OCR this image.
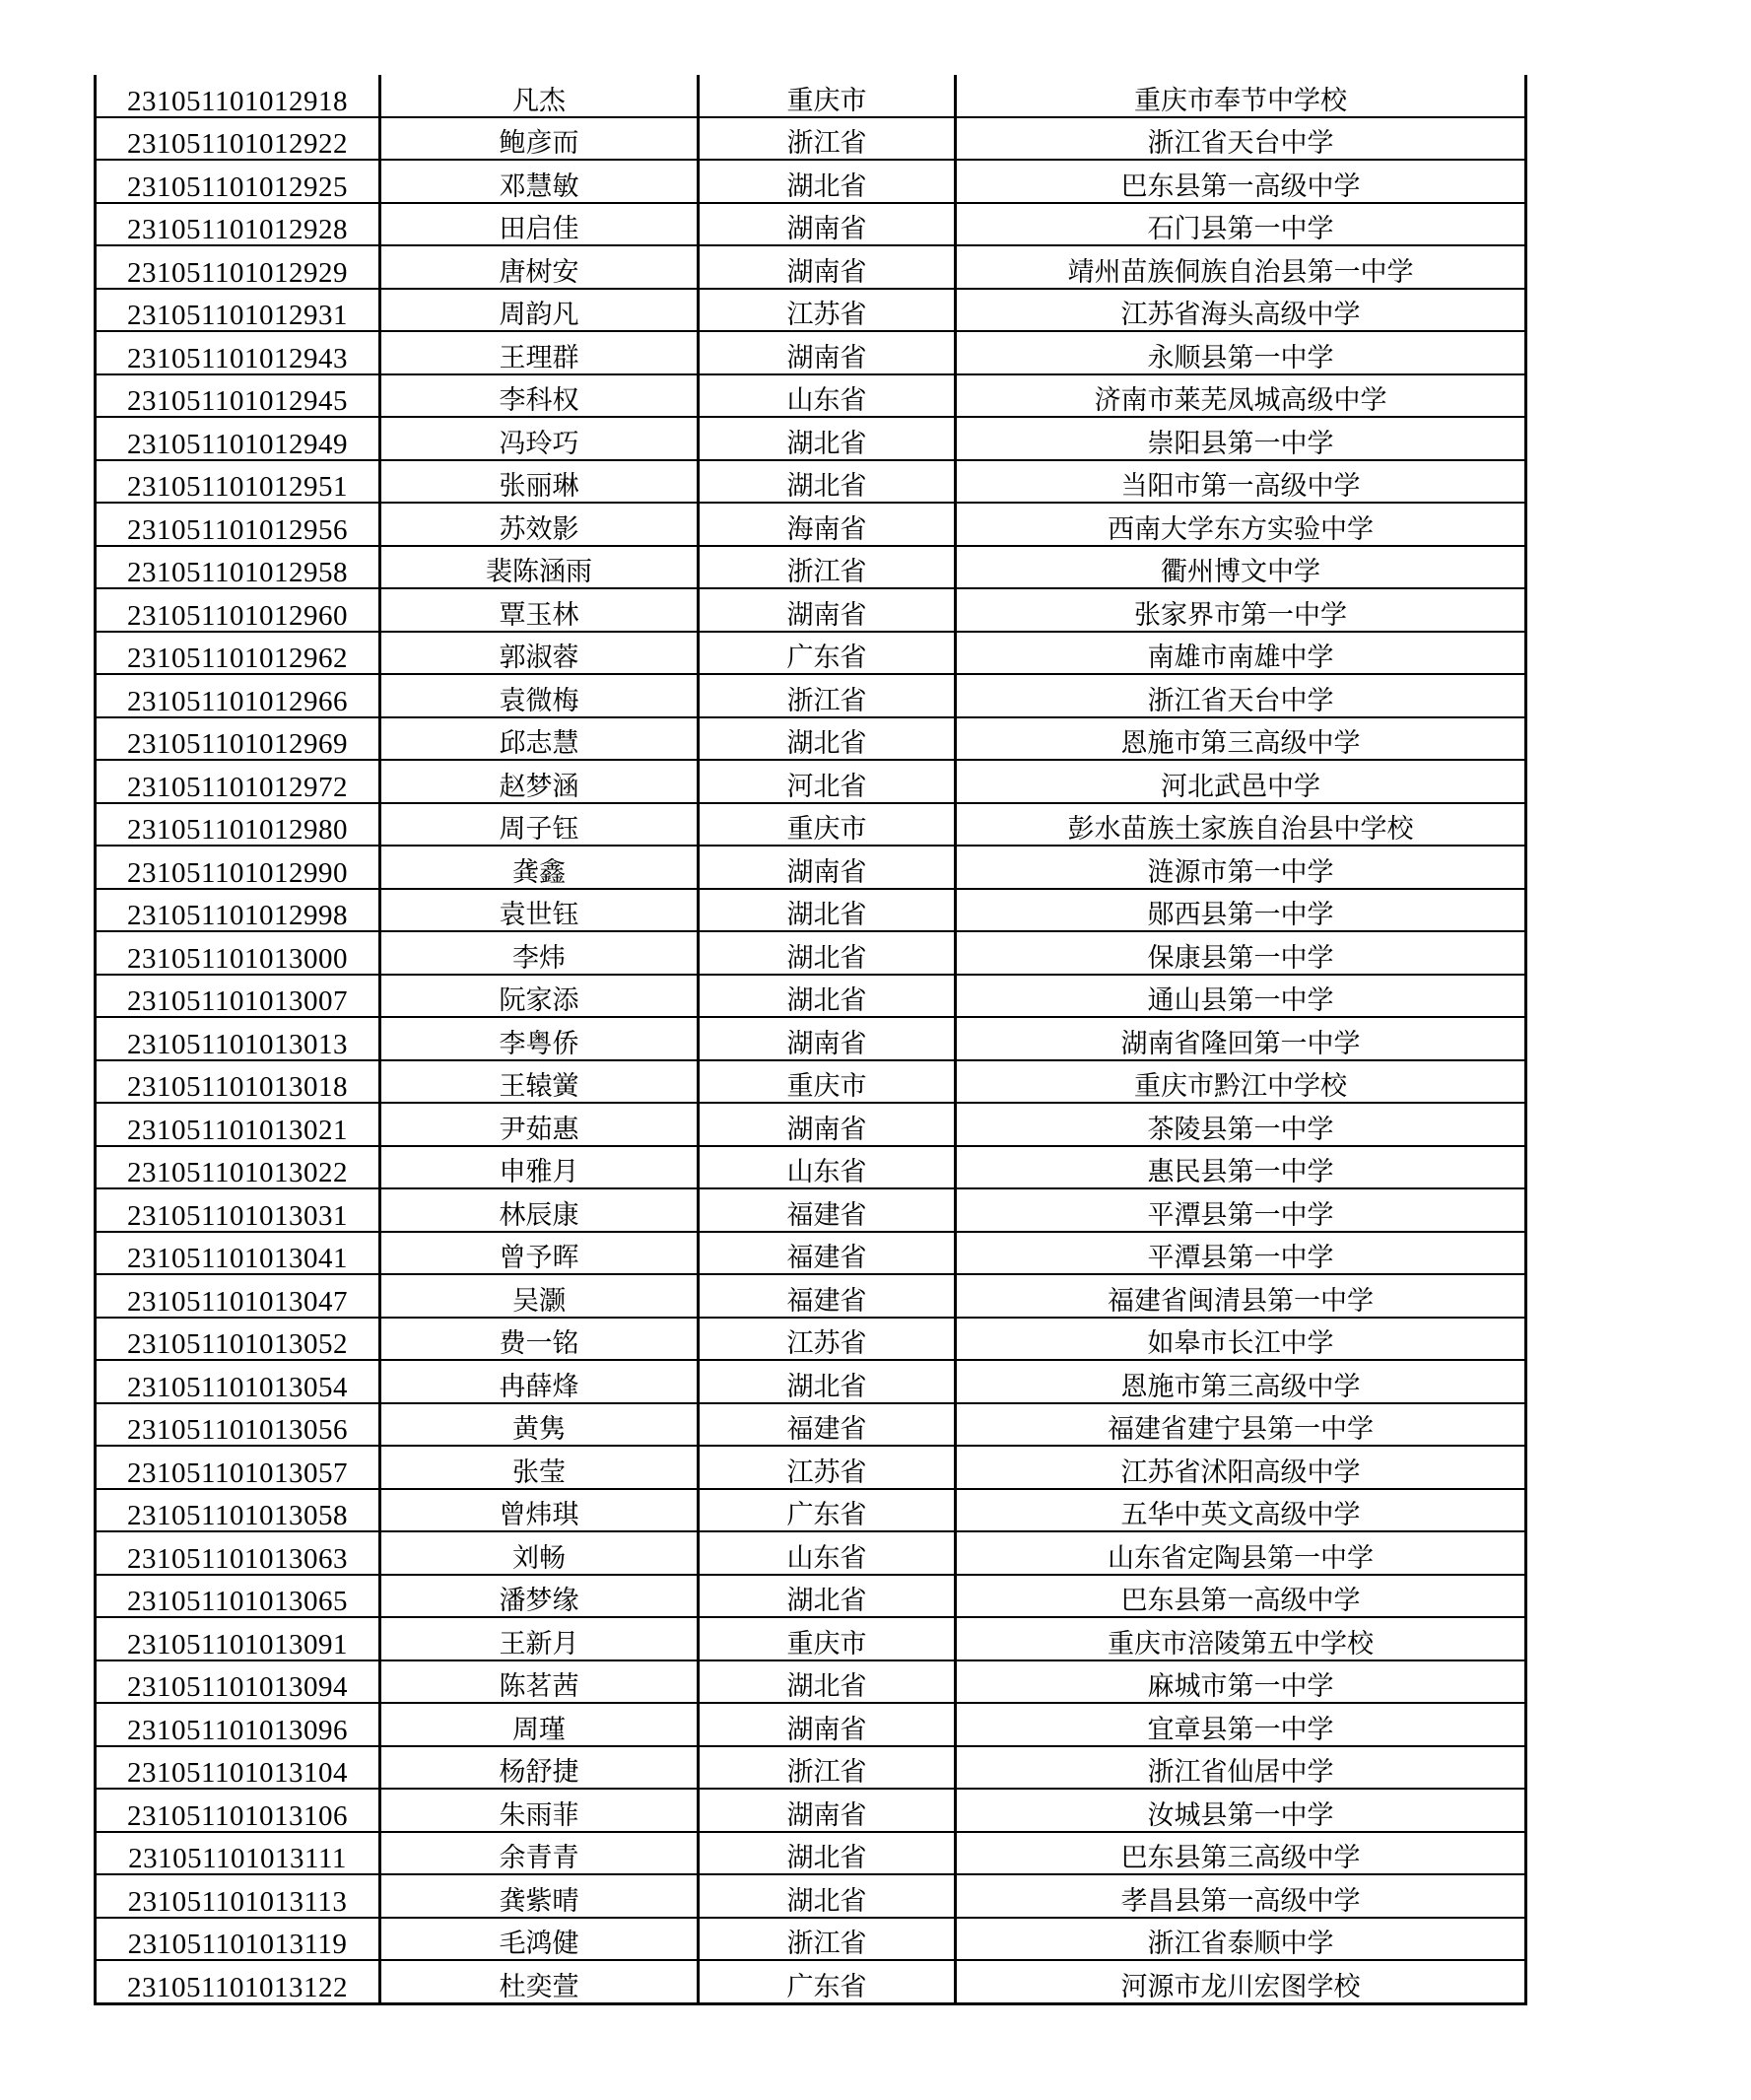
231051101012918	凡杰	重庆市	重庆市奉节中学校
231051101012922	鲍彦而	浙江省	浙江省天台中学
231051101012925	邓慧敏	湖北省	巴东县第一高级中学
231051101012928	田启佳	湖南省	石门县第一中学
231051101012929	唐树安	湖南省	靖州苗族侗族自治县第一中学
231051101012931	周韵凡	江苏省	江苏省海头高级中学
231051101012943	王理群	湖南省	永顺县第一中学
231051101012945	李科权	山东省	济南市莱芜凤城高级中学
231051101012949	冯玲巧	湖北省	崇阳县第一中学
231051101012951	张丽琳	湖北省	当阳市第一高级中学
231051101012956	苏效影	海南省	西南大学东方实验中学
231051101012958	裴陈涵雨	浙江省	衢州博文中学
231051101012960	覃玉林	湖南省	张家界市第一中学
231051101012962	郭淑蓉	广东省	南雄市南雄中学
231051101012966	袁微梅	浙江省	浙江省天台中学
231051101012969	邱志慧	湖北省	恩施市第三高级中学
231051101012972	赵梦涵	河北省	河北武邑中学
231051101012980	周子钰	重庆市	彭水苗族土家族自治县中学校
231051101012990	龚鑫	湖南省	涟源市第一中学
231051101012998	袁世钰	湖北省	郧西县第一中学
231051101013000	李炜	湖北省	保康县第一中学
231051101013007	阮家添	湖北省	通山县第一中学
231051101013013	李粤侨	湖南省	湖南省隆回第一中学
231051101013018	王辕黉	重庆市	重庆市黔江中学校
231051101013021	尹茹惠	湖南省	茶陵县第一中学
231051101013022	申雅月	山东省	惠民县第一中学
231051101013031	林辰康	福建省	平潭县第一中学
231051101013041	曾予晖	福建省	平潭县第一中学
231051101013047	吴灏	福建省	福建省闽清县第一中学
231051101013052	费一铭	江苏省	如皋市长江中学
231051101013054	冉薛烽	湖北省	恩施市第三高级中学
231051101013056	黄隽	福建省	福建省建宁县第一中学
231051101013057	张莹	江苏省	江苏省沭阳高级中学
231051101013058	曾炜琪	广东省	五华中英文高级中学
231051101013063	刘畅	山东省	山东省定陶县第一中学
231051101013065	潘梦缘	湖北省	巴东县第一高级中学
231051101013091	王新月	重庆市	重庆市涪陵第五中学校
231051101013094	陈茗茜	湖北省	麻城市第一中学
231051101013096	周瑾	湖南省	宜章县第一中学
231051101013104	杨舒捷	浙江省	浙江省仙居中学
231051101013106	朱雨菲	湖南省	汝城县第一中学
231051101013111	余青青	湖北省	巴东县第三高级中学
231051101013113	龚紫晴	湖北省	孝昌县第一高级中学
231051101013119	毛鸿健	浙江省	浙江省泰顺中学
231051101013122	杜奕萱	广东省	河源市龙川宏图学校
